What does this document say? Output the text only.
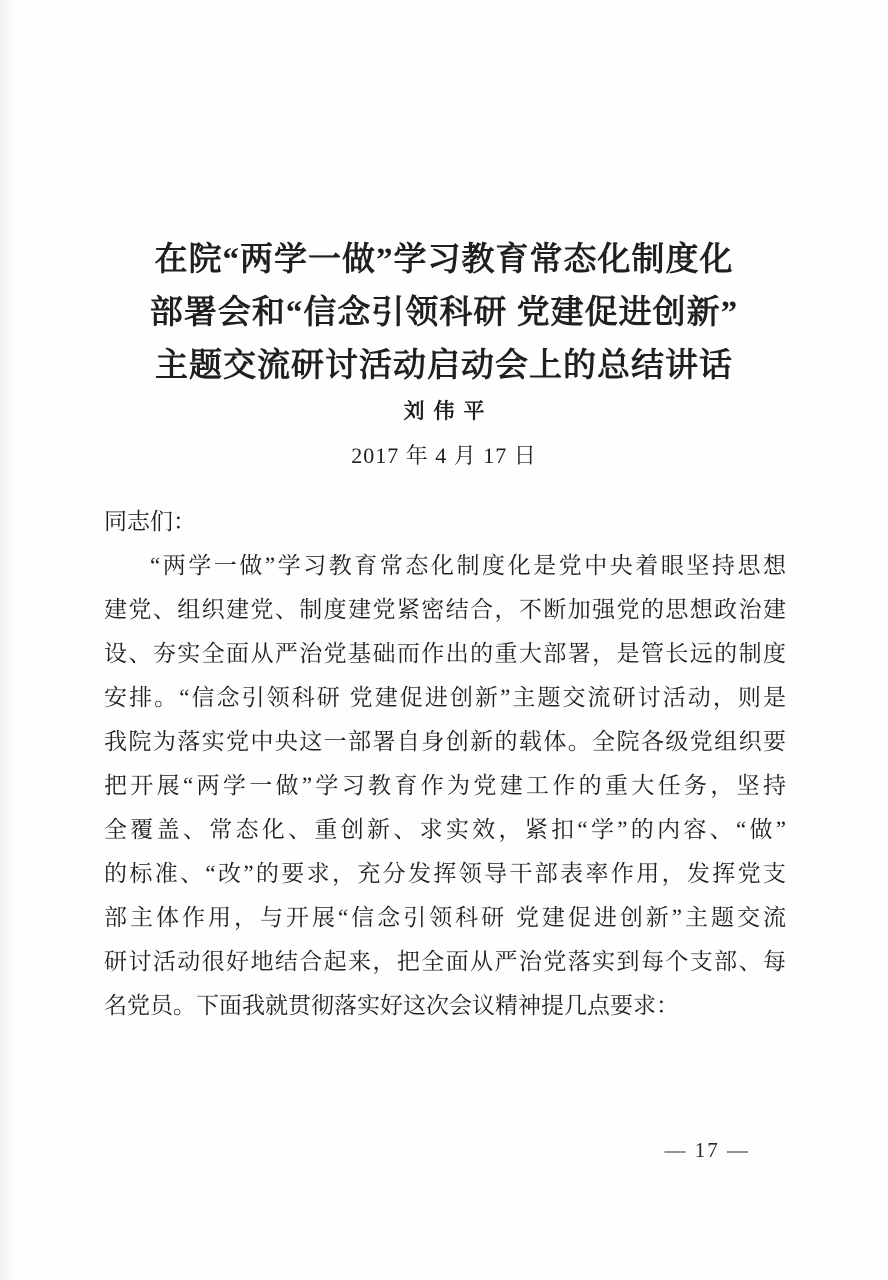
在院“两学一做”学习教育常态化制度化
部署会和“信念引领科研 党建促进创新”
主题交流研讨活动启动会上的总结讲话
刘伟平
2017 年 4 月 17 日
同志们：
“两学一做”学习教育常态化制度化是党中央着眼坚持思想
建党、组织建党、制度建党紧密结合，不断加强党的思想政治建
设、夯实全面从严治党基础而作出的重大部署，是管长远的制度
安排。“信念引领科研 党建促进创新”主题交流研讨活动，则是
我院为落实党中央这一部署自身创新的载体。全院各级党组织要
把开展“两学一做”学习教育作为党建工作的重大任务，坚持
全覆盖、常态化、重创新、求实效，紧扣“学”的内容、“做”
的标准、“改”的要求，充分发挥领导干部表率作用，发挥党支
部主体作用，与开展“信念引领科研 党建促进创新”主题交流
研讨活动很好地结合起来，把全面从严治党落实到每个支部、每
名党员。下面我就贯彻落实好这次会议精神提几点要求：
— 17 —
